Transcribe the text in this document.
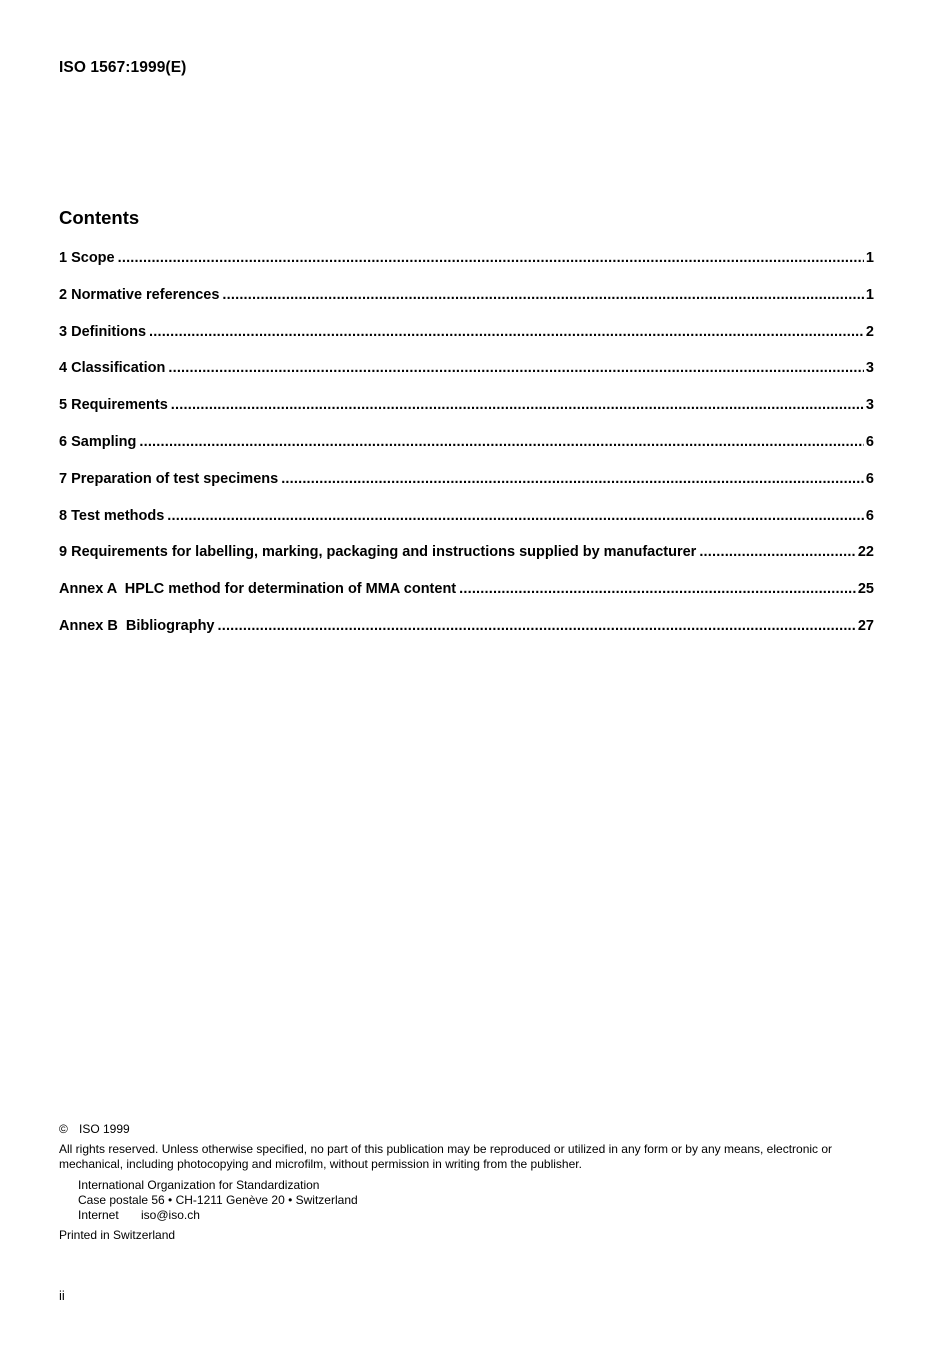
ISO 1567:1999(E)
Contents
1 Scope .....	1
2 Normative references .....	1
3 Definitions .....	2
4 Classification .....	3
5 Requirements .....	3
6 Sampling .....	6
7 Preparation of test specimens .....	6
8 Test methods .....	6
9 Requirements for labelling, marking, packaging and instructions supplied by manufacturer .....	22
Annex A  HPLC method for determination of MMA content .....	25
Annex B  Bibliography .....	27

© ISO 1999

All rights reserved. Unless otherwise specified, no part of this publication may be reproduced or utilized in any form or by any means, electronic or mechanical, including photocopying and microfilm, without permission in writing from the publisher.

International Organization for Standardization
Case postale 56 • CH-1211 Genève 20 • Switzerland
Internet iso@iso.ch

Printed in Switzerland

ii
